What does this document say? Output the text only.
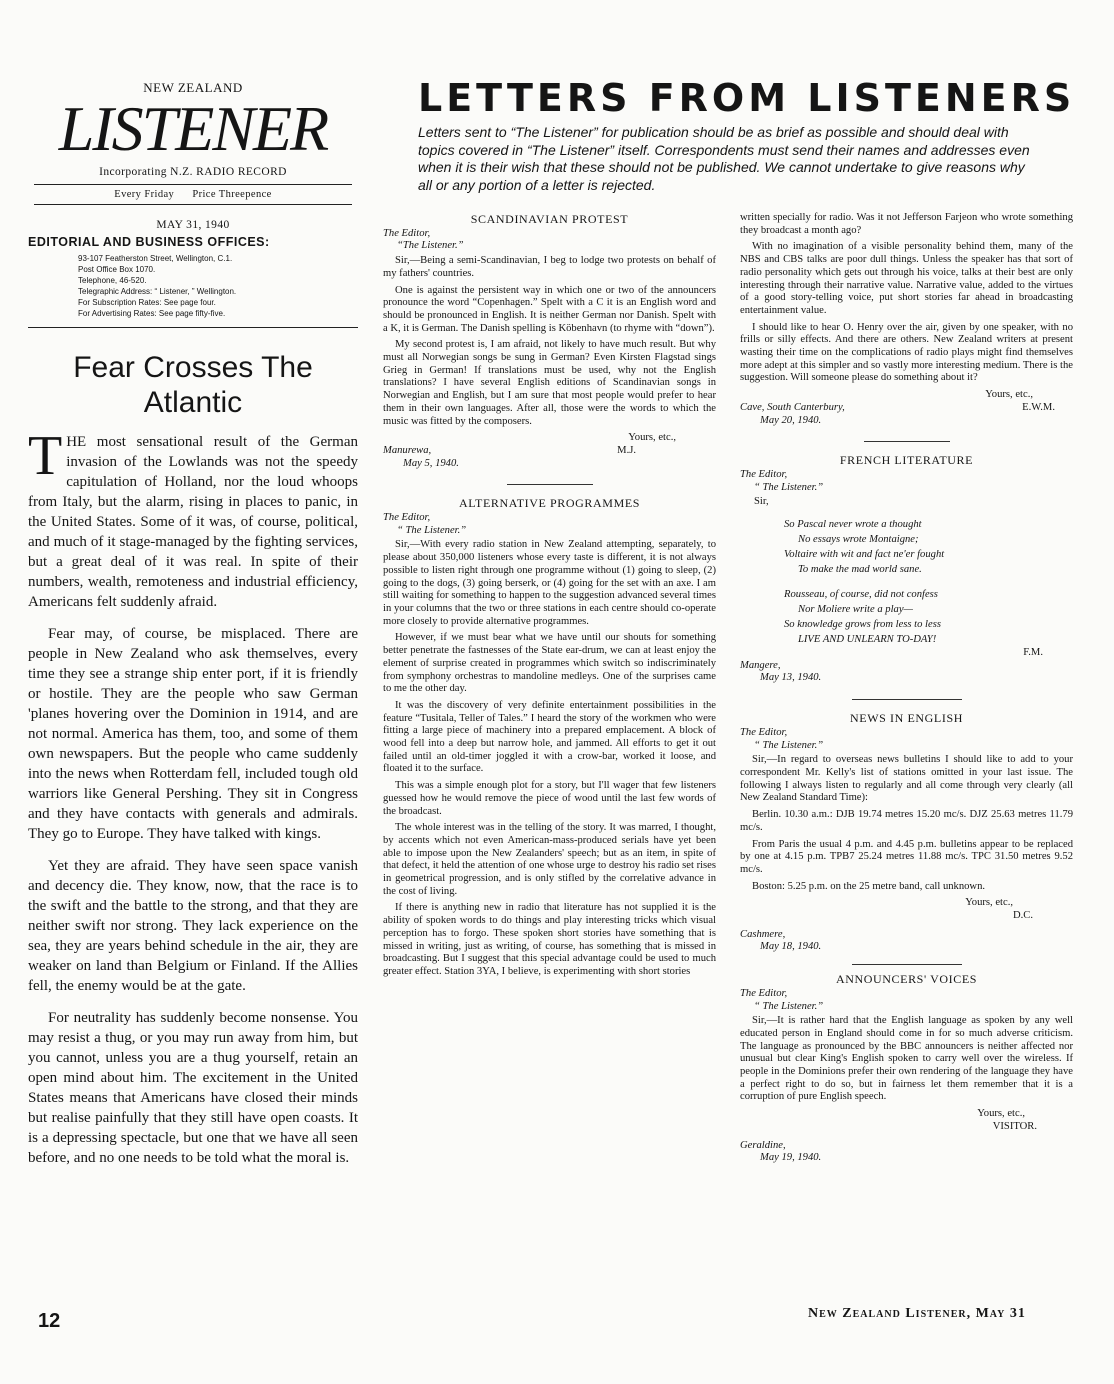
NEW ZEALAND
LISTENER
Incorporating N.Z. RADIO RECORD
Every Friday Price Threepence
MAY 31, 1940
EDITORIAL AND BUSINESS OFFICES:
93-107 Featherston Street, Wellington, C.1.
Post Office Box 1070.
Telephone, 46-520.
Telegraphic Address: “ Listener, ” Wellington.
For Subscription Rates: See page four.
For Advertising Rates: See page fifty-five.
Fear Crosses The Atlantic

THE most sensational result of the German invasion of the Lowlands was not the speedy capitulation of Holland, nor the loud whoops from Italy, but the alarm, rising in places to panic, in the United States. Some of it was, of course, political, and much of it stage-managed by the fighting services, but a great deal of it was real. In spite of their numbers, wealth, remoteness and industrial efficiency, Americans felt suddenly afraid.

Fear may, of course, be misplaced. There are people in New Zealand who ask themselves, every time they see a strange ship enter port, if it is friendly or hostile. They are the people who saw German 'planes hovering over the Dominion in 1914, and are not normal. America has them, too, and some of them own newspapers. But the people who came suddenly into the news when Rotterdam fell, included tough old warriors like General Pershing. They sit in Congress and they have contacts with generals and admirals. They go to Europe. They have talked with kings.

Yet they are afraid. They have seen space vanish and decency die. They know, now, that the race is to the swift and the battle to the strong, and that they are neither swift nor strong. They lack experience on the sea, they are years behind schedule in the air, they are weaker on land than Belgium or Finland. If the Allies fell, the enemy would be at the gate.

For neutrality has suddenly become nonsense. You may resist a thug, or you may run away from him, but you cannot, unless you are a thug yourself, retain an open mind about him. The excitement in the United States means that Americans have closed their minds but realise painfully that they still have open coasts. It is a depressing spectacle, but one that we have all seen before, and no one needs to be told what the moral is.

LETTERS FROM LISTENERS
Letters sent to “The Listener” for publication should be as brief as possible and should deal with topics covered in “The Listener” itself. Correspondents must send their names and addresses even when it is their wish that these should not be published. We cannot undertake to give reasons why all or any portion of a letter is rejected.

SCANDINAVIAN PROTEST

The Editor,

“The Listener.”

Sir,—Being a semi-Scandinavian, I beg to lodge two protests on behalf of my fathers' countries.

One is against the persistent way in which one or two of the announcers pronounce the word “Copenhagen.” Spelt with a C it is an English word and should be pronounced in English. It is neither German nor Danish. Spelt with a K, it is German. The Danish spelling is Köbenhavn (to rhyme with “down”).

My second protest is, I am afraid, not likely to have much result. But why must all Norwegian songs be sung in German? Even Kirsten Flagstad sings Grieg in German! If translations must be used, why not the English translations? I have several English editions of Scandinavian songs in Norwegian and English, but I am sure that most people would prefer to hear them in their own languages. After all, those were the words to which the music was fitted by the composers.

Yours, etc.,

Manurewa,	M.J.

May 5, 1940.

ALTERNATIVE PROGRAMMES

The Editor,

“ The Listener.”

Sir,—With every radio station in New Zealand attempting, separately, to please about 350,000 listeners whose every taste is different, it is not always possible to listen right through one programme without (1) going to sleep, (2) going to the dogs, (3) going berserk, or (4) going for the set with an axe. I am still waiting for something to happen to the suggestion advanced several times in your columns that the two or three stations in each centre should co-operate more closely to provide alternative programmes.

However, if we must bear what we have until our shouts for something better penetrate the fastnesses of the State ear-drum, we can at least enjoy the element of surprise created in programmes which switch so indiscriminately from symphony orchestras to mandoline medleys. One of the surprises came to me the other day.

It was the discovery of very definite entertainment possibilities in the feature “Tusitala, Teller of Tales.” I heard the story of the workmen who were fitting a large piece of machinery into a prepared emplacement. A block of wood fell into a deep but narrow hole, and jammed. All efforts to get it out failed until an old-timer joggled it with a crow-bar, worked it loose, and floated it to the surface.

This was a simple enough plot for a story, but I'll wager that few listeners guessed how he would remove the piece of wood until the last few words of the broadcast.

The whole interest was in the telling of the story. It was marred, I thought, by accents which not even American-mass-produced serials have yet been able to impose upon the New Zealanders' speech; but as an item, in spite of that defect, it held the attention of one whose urge to destroy his radio set rises in geometrical progression, and is only stifled by the correlative advance in the cost of living.

If there is anything new in radio that literature has not supplied it is the ability of spoken words to do things and play interesting tricks which visual perception has to forgo. These spoken short stories have something that is missed in writing, just as writing, of course, has something that is missed in broadcasting. But I suggest that this special advantage could be used to much greater effect. Station 3YA, I believe, is experimenting with short stories

written specially for radio. Was it not Jefferson Farjeon who wrote something they broadcast a month ago?

With no imagination of a visible personality behind them, many of the NBS and CBS talks are poor dull things. Unless the speaker has that sort of radio personality which gets out through his voice, talks at their best are only interesting through their narrative value. Narrative value, added to the virtues of a good story-telling voice, put short stories far ahead in broadcasting entertainment value.

I should like to hear O. Henry over the air, given by one speaker, with no frills or silly effects. And there are others. New Zealand writers at present wasting their time on the complications of radio plays might find themselves more adept at this simpler and so vastly more interesting medium. There is the suggestion. Will someone please do something about it?

Yours, etc.,

Cave, South Canterbury,	E.W.M.

May 20, 1940.

FRENCH LITERATURE

The Editor,

“ The Listener.”

Sir,

So Pascal never wrote a thought
No essays wrote Montaigne;
Voltaire with wit and fact ne'er fought
To make the mad world sane.
Rousseau, of course, did not confess
Nor Moliere write a play—
So knowledge grows from less to less
LIVE AND UNLEARN TO-DAY!

F.M.

Mangere,

May 13, 1940.

NEWS IN ENGLISH

The Editor,

“ The Listener.”

Sir,—In regard to overseas news bulletins I should like to add to your correspondent Mr. Kelly's list of stations omitted in your last issue. The following I always listen to regularly and all come through very clearly (all New Zealand Standard Time):

Berlin. 10.30 a.m.: DJB 19.74 metres 15.20 mc/s. DJZ 25.63 metres 11.79 mc/s.

From Paris the usual 4 p.m. and 4.45 p.m. bulletins appear to be replaced by one at 4.15 p.m. TPB7 25.24 metres 11.88 mc/s. TPC 31.50 metres 9.52 mc/s.

Boston: 5.25 p.m. on the 25 metre band, call unknown.

Yours, etc.,

D.C.

Cashmere,

May 18, 1940.

ANNOUNCERS' VOICES

The Editor,

“ The Listener.”

Sir,—It is rather hard that the English language as spoken by any well educated person in England should come in for so much adverse criticism. The language as pronounced by the BBC announcers is neither affected nor unusual but clear King's English spoken to carry well over the wireless. If people in the Dominions prefer their own rendering of the language they have a perfect right to do so, but in fairness let them remember that it is a corruption of pure English speech.

Yours, etc.,

VISITOR.

Geraldine,

May 19, 1940.

12	New Zealand Listener, May 31
